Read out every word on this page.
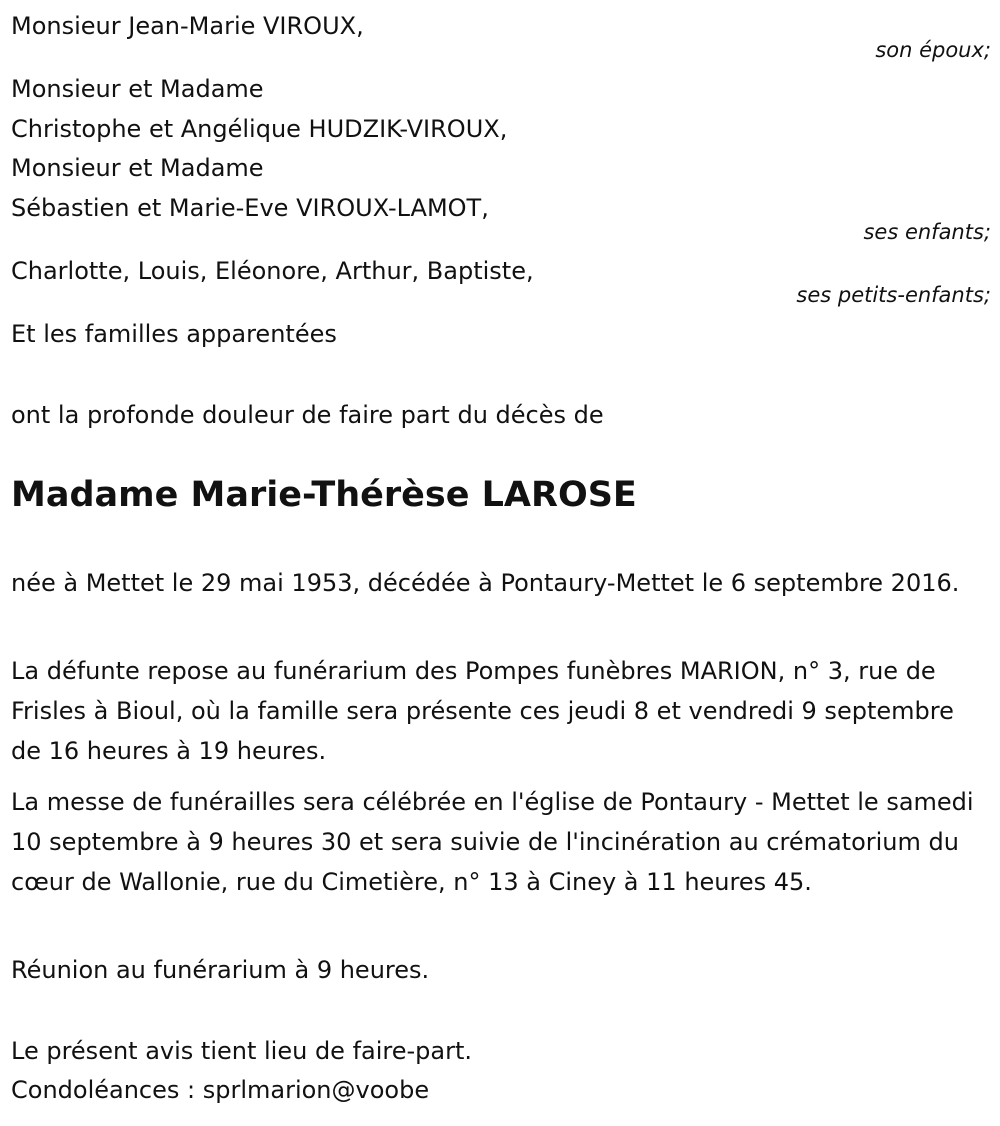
Monsieur Jean-Marie VIROUX,

son époux;

Monsieur et Madame

Christophe et Angélique HUDZIK-VIROUX,

Monsieur et Madame

Sébastien et Marie-Eve VIROUX-LAMOT,

ses enfants;

Charlotte, Louis, Eléonore, Arthur, Baptiste,

ses petits-enfants;

Et les familles apparentées

ont la profonde douleur de faire part du décès de

Madame Marie-Thérèse LAROSE

née à Mettet le 29 mai 1953, décédée à Pontaury-Mettet le 6 septembre 2016.

La défunte repose au funérarium des Pompes funèbres MARION, n° 3, rue de Frisles à Bioul, où la famille sera présente ces jeudi 8 et vendredi 9 septembre de 16 heures à 19 heures.

La messe de funérailles sera célébrée en l'église de Pontaury - Mettet le samedi 10 septembre à 9 heures 30 et sera suivie de l'incinération au crématorium du cœur de Wallonie, rue du Cimetière, n° 13 à Ciney à 11 heures 45.

Réunion au funérarium à 9 heures.

Le présent avis tient lieu de faire-part.

Condoléances : sprlmarion@voobe
